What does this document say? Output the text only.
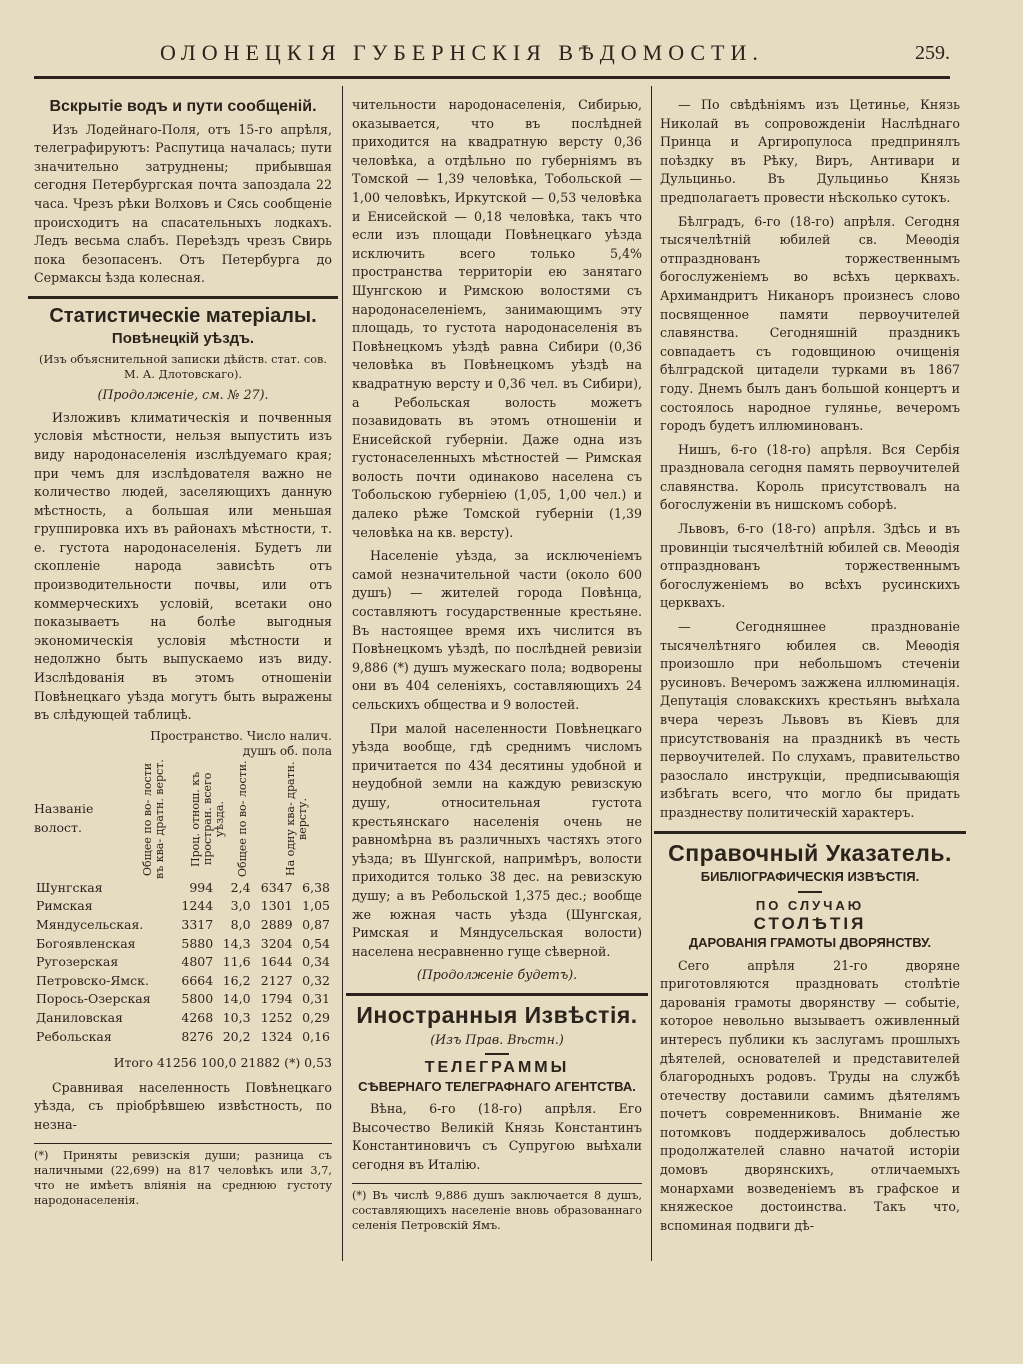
ОЛОНЕЦКІЯ ГУБЕРНСКІЯ ВѢДОМОСТИ.	259.
Вскрытіе водъ и пути сообщеній.

Изъ Лодейнаго-Поля, отъ 15-го апрѣля, телеграфируютъ: Распутица началась; пути значительно затруднены; прибывшая сегодня Петербургская почта запоздала 22 часа. Чрезъ рѣки Волховъ и Сясь сообщеніе происходитъ на спасательныхъ лодкахъ. Ледъ весьма слабъ. Переѣздъ чрезъ Свирь пока безопасенъ. Отъ Петербурга до Сермаксы ѣзда колесная.

Статистическіе матеріалы.
Повѣнецкій уѣздъ.
(Изъ объяснительной записки дѣйств. стат. сов. М. А. Длотовскаго).
(Продолженіе, см. № 27).

Изложивъ климатическія и почвенныя условія мѣстности, нельзя выпустить изъ виду народонаселенія изслѣдуемаго края; при чемъ для изслѣдователя важно не количество людей, заселяющихъ данную мѣстность, а большая или меньшая группировка ихъ въ районахъ мѣстности, т. е. густота народонаселенія. Будетъ ли скопленіе народа зависѣть отъ производительности почвы, или отъ коммерческихъ условій, всетаки оно показываетъ на болѣе выгодныя экономическія условія мѣстности и недолжно быть выпускаемо изъ виду. Изслѣдованія въ этомъ отношеніи Повѣнецкаго уѣзда могутъ быть выражены въ слѣдующей таблицѣ.

Пространство. Число налич.
душъ об. пола
Названіе волост.	Общее по во- лости въ ква- дратн. верст.	Проц. отнош. къ простран. всего уѣзда. Общее по во- лости.	На одну ква- дратн. версту.
Шунгская	994	2,4	6347	6,38
Римская	1244	3,0	1301	1,05
Мяндусельская.	3317	8,0	2889	0,87
Богоявленская	5880	14,3	3204	0,54
Ругозерская	4807	11,6	1644	0,34
Петровско-Ямск.	6664	16,2	2127	0,32
Порось-Озерская	5800	14,0	1794	0,31
Даниловская	4268	10,3	1252	0,29
Ребольская	8276	20,2	1324	0,16
Итого 41256 100,0 21882 (*) 0,53

Сравнивая населенность Повѣнецкаго уѣзда, съ пріобрѣвшею извѣстность, по незна-

(*) Приняты ревизскія души; разница съ наличными (22,699) на 817 человѣкъ или 3,7, что не имѣетъ вліянія на среднюю густоту народонаселенія.

чительности народонаселенія, Сибирью, оказывается, что въ послѣдней приходится на квадратную версту 0,36 человѣка, а отдѣльно по губерніямъ въ Томской — 1,39 человѣка, Тобольской — 1,00 человѣкъ, Иркутской — 0,53 человѣка и Енисейской — 0,18 человѣка, такъ что если изъ площади Повѣнецкаго уѣзда исключить всего только 5,4% пространства территоріи ею занятаго Шунгскою и Римскою волостями съ народонаселеніемъ, занимающимъ эту площадь, то густота народонаселенія въ Повѣнецкомъ уѣздѣ равна Сибири (0,36 человѣка въ Повѣнецкомъ уѣздѣ на квадратную версту и 0,36 чел. въ Сибири), а Ребольская волость можетъ позавидовать въ этомъ отношеніи и Енисейской губерніи. Даже одна изъ густонаселенныхъ мѣстностей — Римская волость почти одинаково населена съ Тобольскою губерніею (1,05, 1,00 чел.) и далеко рѣже Томской губерніи (1,39 человѣка на кв. версту).

Населеніе уѣзда, за исключеніемъ самой незначительной части (около 600 душъ) — жителей города Повѣнца, составляютъ государственные крестьяне. Въ настоящее время ихъ числится въ Повѣнецкомъ уѣздѣ, по послѣдней ревизіи 9,886 (*) душъ мужескаго пола; водворены они въ 404 селеніяхъ, составляющихъ 24 сельскихъ общества и 9 волостей.

При малой населенности Повѣнецкаго уѣзда вообще, гдѣ среднимъ числомъ причитается по 434 десятины удобной и неудобной земли на каждую ревизскую душу, относительная густота крестьянскаго населенія очень не равномѣрна въ различныхъ частяхъ этого уѣзда; въ Шунгской, напримѣръ, волости приходится только 38 дес. на ревизскую душу; а въ Ребольской 1,375 дес.; вообще же южная часть уѣзда (Шунгская, Римская и Мяндусельская волости) населена несравненно гуще сѣверной.

(Продолженіе будетъ).
Иностранныя Извѣстія.
(Изъ Прав. Вѣстн.)
ТЕЛЕГРАММЫ
СѢВЕРНАГО ТЕЛЕГРАФНАГО АГЕНТСТВА.

Вѣна, 6-го (18-го) апрѣля. Его Высочество Великій Князь Константинъ Константиновичъ съ Супругою выѣхали сегодня въ Италію.

(*) Въ числѣ 9,886 душъ заключается 8 душъ, составляющихъ населеніе вновь образованнаго селенія Петровскій Ямъ.

— По свѣдѣніямъ изъ Цетинье, Князь Николай въ сопровожденіи Наслѣднаго Принца и Аргиропулоса предпринялъ поѣздку въ Рѣку, Виръ, Антивари и Дульциньо. Въ Дульциньо Князь предполагаетъ провести нѣсколько сутокъ.

Бѣлградъ, 6-го (18-го) апрѣля. Сегодня тысячелѣтній юбилей св. Меѳодія отпразднованъ торжественнымъ богослуженіемъ во всѣхъ церквахъ. Архимандритъ Никаноръ произнесъ слово посвященное памяти первоучителей славянства. Сегодняшній праздникъ совпадаетъ съ годовщиною очищенія бѣлградской цитадели турками въ 1867 году. Днемъ былъ данъ большой концертъ и состоялось народное гулянье, вечеромъ городъ будетъ иллюминованъ.

Нишъ, 6-го (18-го) апрѣля. Вся Сербія праздновала сегодня память первоучителей славянства. Король присутствовалъ на богослуженіи въ нишскомъ соборѣ.

Львовъ, 6-го (18-го) апрѣля. Здѣсь и въ провинціи тысячелѣтній юбилей св. Меѳодія отпразднованъ торжественнымъ богослуженіемъ во всѣхъ русинскихъ церквахъ.

— Сегодняшнее празднованіе тысячелѣтняго юбилея св. Меѳодія произошло при небольшомъ стеченіи русиновъ. Вечеромъ зажжена иллюминація. Депутація словакскихъ крестьянъ выѣхала вчера черезъ Львовъ въ Кіевъ для присутствованія на праздникѣ въ честь первоучителей. По слухамъ, правительство разослало инструкціи, предписывающія избѣгать всего, что могло бы придать празднеству политическій характеръ.

Справочный Указатель.
БИБЛІОГРАФИЧЕСКІЯ ИЗВѢСТІЯ.
ПО СЛУЧАЮ
СТОЛѢТІЯ
ДАРОВАНІЯ ГРАМОТЫ ДВОРЯНСТВУ.

Сего апрѣля 21-го дворяне приготовляются праздновать столѣтіе дарованія грамоты дворянству — событіе, которое невольно вызываетъ оживленный интересъ публики къ заслугамъ прошлыхъ дѣятелей, основателей и представителей благородныхъ родовъ. Труды на службѣ отечеству доставили самимъ дѣятелямъ почетъ современниковъ. Вниманіе же потомковъ поддерживалось доблестью продолжателей славно начатой исторіи домовъ дворянскихъ, отличаемыхъ монархами возведеніемъ въ графское и княжеское достоинства. Такъ что, вспоминая подвиги дѣ-
